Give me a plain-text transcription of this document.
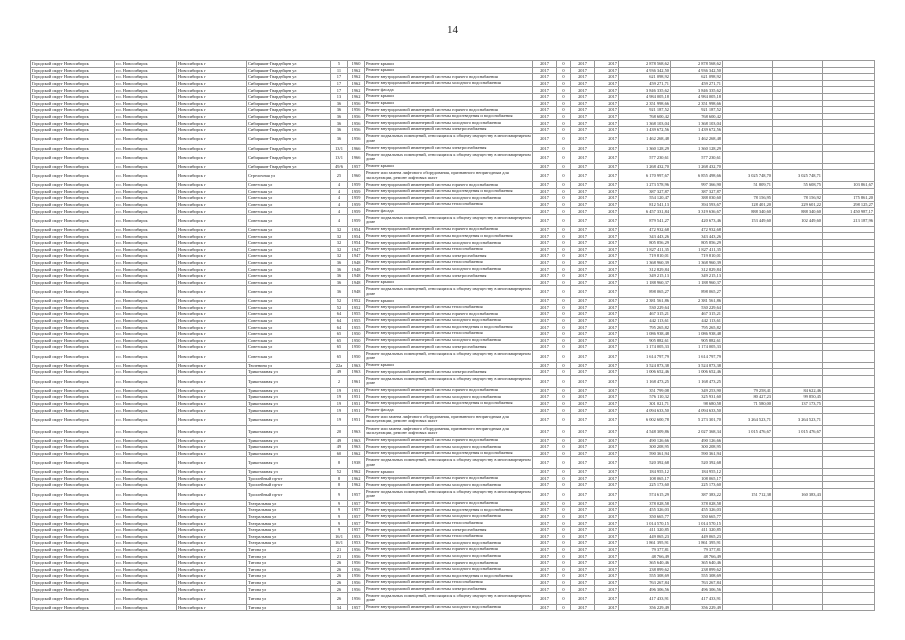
14
Городской округ Новосибирск	г.о. Новосибирск	Новосибирск г	Сибиряков-Гвардейцев ул	5	1960	Ремонт крыши	2017	0	2017	2017	2 878 568,62	2 878 568,62			
Городской округ Новосибирск	г.о. Новосибирск	Новосибирск г	Сибиряков-Гвардейцев ул	11	1962	Ремонт крыши	2017	0	2017	2017	4 936 342,50	4 936 342,50			
Городской округ Новосибирск	г.о. Новосибирск	Новосибирск г	Сибиряков-Гвардейцев ул	17	1962	Ремонт внутридомовой инженерной системы горячего водоснабжения	2017	0	2017	2017	621 098,92	621 098,92			
Городской округ Новосибирск	г.о. Новосибирск	Новосибирск г	Сибиряков-Гвардейцев ул	17	1962	Ремонт внутридомовой инженерной системы холодного водоснабжения	2017	0	2017	2017	459 271,71	459 271,71			
Городской округ Новосибирск	г.о. Новосибирск	Новосибирск г	Сибиряков-Гвардейцев ул	17	1962	Ремонт фасада	2017	0	2017	2017	3 846 335,62	3 846 335,62			
Городской округ Новосибирск	г.о. Новосибирск	Новосибирск г	Сибиряков-Гвардейцев ул	13	1962	Ремонт крыши	2017	0	2017	2017	4 984 005,18	4 984 005,18			
Городской округ Новосибирск	г.о. Новосибирск	Новосибирск г	Сибиряков-Гвардейцев ул	36	1956	Ремонт крыши	2017	0	2017	2017	2 351 998,66	2 351 998,66			
Городской округ Новосибирск	г.о. Новосибирск	Новосибирск г	Сибиряков-Гвардейцев ул	36	1956	Ремонт внутридомовой инженерной системы горячего водоснабжения	2017	0	2017	2017	921 187,52	921 187,52			
Городской округ Новосибирск	г.о. Новосибирск	Новосибирск г	Сибиряков-Гвардейцев ул	36	1956	Ремонт внутридомовой инженерной системы водоотведения и водоснабжения	2017	0	2017	2017	768 600,42	768 600,42			
Городской округ Новосибирск	г.о. Новосибирск	Новосибирск г	Сибиряков-Гвардейцев ул	36	1956	Ремонт внутридомовой инженерной системы холодного водоснабжения	2017	0	2017	2017	1 368 103,04	1 368 103,04			
Городской округ Новосибирск	г.о. Новосибирск	Новосибирск г	Сибиряков-Гвардейцев ул	36	1956	Ремонт внутридомовой инженерной системы электроснабжения	2017	0	2017	2017	1 439 672,56	1 439 672,56			
Городской округ Новосибирск	г.о. Новосибирск	Новосибирск г	Сибиряков-Гвардейцев ул	36	1956	Ремонт подвальных помещений, относящихся к общему имуществу в многоквартирном доме	2017	0	2017	2017	1 462 268,48	1 462 268,48			
Городской округ Новосибирск	г.о. Новосибирск	Новосибирск г	Сибиряков-Гвардейцев ул	13/1	1966	Ремонт внутридомовой инженерной системы электроснабжения	2017	0	2017	2017	1 360 128,29	1 360 128,29			
Городской округ Новосибирск	г.о. Новосибирск	Новосибирск г	Сибиряков-Гвардейцев ул	13/1	1966	Ремонт подвальных помещений, относящихся к общему имуществу в многоквартирном доме	2017	0	2017	2017	577 230,61	577 230,61			
Городской округ Новосибирск	г.о. Новосибирск	Новосибирск г	Сибиряков-Гвардейцев ул	49/6	1957	Ремонт крыши	2017	0	2017	2017	1 268 432,70	1 268 432,70			
Городской округ Новосибирск	г.о. Новосибирск	Новосибирск г	Стрелочная ул	25	1960	Ремонт или замена лифтового оборудования, признанного непригодным для эксплуатации, ремонт лифтовых шахт	2017	0	2017	2017	6 170 997,67	6 855 498,66	3 025 748,70	3 025 748,71	
Городской округ Новосибирск	г.о. Новосибирск	Новосибирск г	Советская ул	4	1959	Ремонт внутридомовой инженерной системы горячего водоснабжения	2017	0	2017	2017	1 273 578,96	997 366,90	51 809,71	55 608,75	103 861,67
Городской округ Новосибирск	г.о. Новосибирск	Новосибирск г	Советская ул	4	1959	Ремонт внутридомовой инженерной системы водоотведения и водоснабжения	2017	0	2017	2017	387 327,87	387 327,87			
Городской округ Новосибирск	г.о. Новосибирск	Новосибирск г	Советская ул	4	1959	Ремонт внутридомовой инженерной системы холодного водоснабжения	2017	0	2017	2017	554 120,47	388 030,60	78 156,95	78 156,92	175 861,20
Городской округ Новосибирск	г.о. Новосибирск	Новосибирск г	Советская ул	4	1959	Ремонт внутридомовой инженерной системы теплоснабжения	2017	0	2017	2017	812 541,13	394 593,67	128 401,20	229 601,22	298 125,27
Городской округ Новосибирск	г.о. Новосибирск	Новосибирск г	Советская ул	4	1959	Ремонт фасада	2017	0	2017	2017	6 457 331,84	3 319 636,67	888 340,60	888 340,60	1 450 987,17
Городской округ Новосибирск	г.о. Новосибирск	Новосибирск г	Советская ул	4	1959	Ремонт подвальных помещений, относящихся к общему имуществу в многоквартирном доме	2017	0	2017	2017	879 541,27	420 673,46	153 449,60	102 449,60	213 187,96
Городской округ Новосибирск	г.о. Новосибирск	Новосибирск г	Советская ул	32	1954	Ремонт внутридомовой инженерной системы горячего водоснабжения	2017	0	2017	2017	472 932,68	472 932,68			
Городской округ Новосибирск	г.о. Новосибирск	Новосибирск г	Советская ул	32	1954	Ремонт внутридомовой инженерной системы водоотведения и водоснабжения	2017	0	2017	2017	343 443,26	343 443,26			
Городской округ Новосибирск	г.о. Новосибирск	Новосибирск г	Советская ул	32	1954	Ремонт внутридомовой инженерной системы холодного водоснабжения	2017	0	2017	2017	805 856,29	805 856,29			
Городской округ Новосибирск	г.о. Новосибирск	Новосибирск г	Советская ул	32	1947	Ремонт внутридомовой инженерной системы теплоснабжения	2017	0	2017	2017	1 827 411,35	1 827 411,35			
Городской округ Новосибирск	г.о. Новосибирск	Новосибирск г	Советская ул	32	1947	Ремонт внутридомовой инженерной системы электроснабжения	2017	0	2017	2017	719 810,01	719 810,01			
Городской округ Новосибирск	г.о. Новосибирск	Новосибирск г	Советская ул	36	1948	Ремонт внутридомовой инженерной системы теплоснабжения	2017	0	2017	2017	1 368 960,39	1 368 960,39			
Городской округ Новосибирск	г.о. Новосибирск	Новосибирск г	Советская ул	36	1948	Ремонт внутридомовой инженерной системы холодного водоснабжения	2017	0	2017	2017	312 829,84	312 829,84			
Городской округ Новосибирск	г.о. Новосибирск	Новосибирск г	Советская ул	36	1948	Ремонт внутридомовой инженерной системы электроснабжения	2017	0	2017	2017	349 215,13	349 215,13			
Городской округ Новосибирск	г.о. Новосибирск	Новосибирск г	Советская ул	36	1948	Ремонт крыши	2017	0	2017	2017	1 188 960,37	1 188 960,37			
Городской округ Новосибирск	г.о. Новосибирск	Новосибирск г	Советская ул	36	1948	Ремонт подвальных помещений, относящихся к общему имуществу в многоквартирном доме	2017	0	2017	2017	898 065,27	898 065,27			
Городской округ Новосибирск	г.о. Новосибирск	Новосибирск г	Советская ул	52	1952	Ремонт крыши	2017	0	2017	2017	2 381 561,86	2 381 561,86			
Городской округ Новосибирск	г.о. Новосибирск	Новосибирск г	Советская ул	52	1952	Ремонт внутридомовой инженерной системы теплоснабжения	2017	0	2017	2017	530 229,64	530 229,64			
Городской округ Новосибирск	г.о. Новосибирск	Новосибирск г	Советская ул	64	1955	Ремонт внутридомовой инженерной системы горячего водоснабжения	2017	0	2017	2017	467 315,21	467 315,21			
Городской округ Новосибирск	г.о. Новосибирск	Новосибирск г	Советская ул	64	1955	Ремонт внутридомовой инженерной системы холодного водоснабжения	2017	0	2017	2017	442 113,61	442 113,61			
Городской округ Новосибирск	г.о. Новосибирск	Новосибирск г	Советская ул	64	1955	Ремонт внутридомовой инженерной системы водоотведения и водоснабжения	2017	0	2017	2017	795 265,82	795 265,82			
Городской округ Новосибирск	г.о. Новосибирск	Новосибирск г	Советская ул	65	1950	Ремонт внутридомовой инженерной системы теплоснабжения	2017	0	2017	2017	1 086 938,48	1 086 938,48			
Городской округ Новосибирск	г.о. Новосибирск	Новосибирск г	Советская ул	65	1950	Ремонт внутридомовой инженерной системы холодного водоснабжения	2017	0	2017	2017	905 882,61	905 882,61			
Городской округ Новосибирск	г.о. Новосибирск	Новосибирск г	Советская ул	65	1950	Ремонт внутридомовой инженерной системы электроснабжения	2017	0	2017	2017	1 174 005,33	1 174 005,33			
Городской округ Новосибирск	г.о. Новосибирск	Новосибирск г	Советская ул	65	1950	Ремонт подвальных помещений, относящихся к общему имуществу в многоквартирном доме	2017	0	2017	2017	1 614 797,79	1 614 797,79			
Городской округ Новосибирск	г.о. Новосибирск	Новосибирск г	Тюленина ул	22а	1963	Ремонт крыши	2017	0	2017	2017	3 524 873,38	3 524 873,38			
Городской округ Новосибирск	г.о. Новосибирск	Новосибирск г	Трикотажная ул	49	1963	Ремонт внутридомовой инженерной системы электроснабжения	2017	0	2017	2017	1 006 652,46	1 006 652,46			
Городской округ Новосибирск	г.о. Новосибирск	Новосибирск г	Трикотажная ул	2	1961	Ремонт подвальных помещений, относящихся к общему имуществу в многоквартирном доме	2017	0	2017	2017	1 168 473,25	1 168 473,25			
Городской округ Новосибирск	г.о. Новосибирск	Новосибирск г	Трикотажная ул	19	1951	Ремонт внутридомовой инженерной системы горячего водоснабжения	2017	0	2017	2017	351 799,08	349 253,90	79 258,41	84 622,46	
Городской округ Новосибирск	г.о. Новосибирск	Новосибирск г	Трикотажная ул	19	1951	Ремонт внутридомовой инженерной системы холодного водоснабжения	2017	0	2017	2017	576 110,32	325 931,60	80 427,23	99 850,45	
Городской округ Новосибирск	г.о. Новосибирск	Новосибирск г	Трикотажная ул	19	1951	Ремонт внутридомовой инженерной системы водоотведения и водоснабжения	2017	0	2017	2017	301 021,71	98 680,58	71 580,00	137 173,75	
Городской округ Новосибирск	г.о. Новосибирск	Новосибирск г	Трикотажная ул	19	1951	Ремонт фасада	2017	0	2017	2017	4 094 633,50	4 094 633,50			
Городской округ Новосибирск	г.о. Новосибирск	Новосибирск г	Трикотажная ул	19	1951	Ремонт или замена лифтового оборудования, признанного непригодным для эксплуатации, ремонт лифтовых шахт	2017	0	2017	2017	6 002 600,78	5 273 301,70	3 264 523,71	3 264 523,71	
Городской округ Новосибирск	г.о. Новосибирск	Новосибирск г	Трикотажная ул	20	1963	Ремонт или замена лифтового оборудования, признанного непригодным для эксплуатации, ремонт лифтовых шахт	2017	0	2017	2017	4 548 309,86	2 027 368,34	1 015 476,67	1 015 476,67	
Городской округ Новосибирск	г.о. Новосибирск	Новосибирск г	Трикотажная ул	49	1963	Ремонт внутридомовой инженерной системы горячего водоснабжения	2017	0	2017	2017	490 126,66	490 126,66			
Городской округ Новосибирск	г.о. Новосибирск	Новосибирск г	Трикотажная ул	49	1963	Ремонт внутридомовой инженерной системы холодного водоснабжения	2017	0	2017	2017	300 208,95	300 208,95			
Городской округ Новосибирск	г.о. Новосибирск	Новосибирск г	Трикотажная ул	60	1962	Ремонт внутридомовой инженерной системы водоотведения и водоснабжения	2017	0	2017	2017	590 361,94	590 361,94			
Городской округ Новосибирск	г.о. Новосибирск	Новосибирск г	Трикотажная ул	8	1938	Ремонт подвальных помещений, относящихся к общему имуществу в многоквартирном доме	2017	0	2017	2017	520 392,68	520 392,68			
Городской округ Новосибирск	г.о. Новосибирск	Новосибирск г	Трикотажная ул	52	1962	Ремонт крыши	2017	0	2017	2017	184 955,12	184 955,12			
Городской округ Новосибирск	г.о. Новосибирск	Новосибирск г	Троллейный пр-кт	8	1962	Ремонт внутридомовой инженерной системы горячего водоснабжения	2017	0	2017	2017	108 065,17	108 065,17			
Городской округ Новосибирск	г.о. Новосибирск	Новосибирск г	Троллейный пр-кт	8	1962	Ремонт внутридомовой инженерной системы холодного водоснабжения	2017	0	2017	2017	225 173,60	225 173,60			
Городской округ Новосибирск	г.о. Новосибирск	Новосибирск г	Троллейный пр-кт	9	1957	Ремонт подвальных помещений, относящихся к общему имуществу в многоквартирном доме	2017	0	2017	2017	574 615,29	387 383,22	151 712,38	160 383,43	
Городской округ Новосибирск	г.о. Новосибирск	Новосибирск г	Театральная ул	9	1957	Ремонт внутридомовой инженерной системы горячего водоснабжения	2017	0	2017	2017	378 028,58	378 028,58			
Городской округ Новосибирск	г.о. Новосибирск	Новосибирск г	Театральная ул	9	1957	Ремонт внутридомовой инженерной системы водоотведения и водоснабжения	2017	0	2017	2017	455 326,03	455 326,03			
Городской округ Новосибирск	г.о. Новосибирск	Новосибирск г	Театральная ул	9	1957	Ремонт внутридомовой инженерной системы холодного водоснабжения	2017	0	2017	2017	350 665,77	350 665,77			
Городской округ Новосибирск	г.о. Новосибирск	Новосибирск г	Театральная ул	9	1957	Ремонт внутридомовой инженерной системы теплоснабжения	2017	0	2017	2017	1 014 570,15	1 014 570,15			
Городской округ Новосибирск	г.о. Новосибирск	Новосибирск г	Театральная ул	9	1957	Ремонт внутридомовой инженерной системы электроснабжения	2017	0	2017	2017	411 320,85	411 320,85			
Городской округ Новосибирск	г.о. Новосибирск	Новосибирск г	Театральная ул	16/1	1953	Ремонт внутридомовой инженерной системы теплоснабжения	2017	0	2017	2017	449 065,23	449 065,23			
Городской округ Новосибирск	г.о. Новосибирск	Новосибирск г	Театральная ул	16/1	1953	Ремонт внутридомовой инженерной системы холодного водоснабжения	2017	0	2017	2017	1 861 395,91	1 861 395,91			
Городской округ Новосибирск	г.о. Новосибирск	Новосибирск г	Титова ул	21	1956	Ремонт внутридомовой инженерной системы горячего водоснабжения	2017	0	2017	2017	79 377,81	79 377,81			
Городской округ Новосибирск	г.о. Новосибирск	Новосибирск г	Титова ул	21	1956	Ремонт внутридомовой инженерной системы холодного водоснабжения	2017	0	2017	2017	48 766,49	48 766,49			
Городской округ Новосибирск	г.о. Новосибирск	Новосибирск г	Титова ул	26	1956	Ремонт внутридомовой инженерной системы горячего водоснабжения	2017	0	2017	2017	365 640,46	365 640,46			
Городской округ Новосибирск	г.о. Новосибирск	Новосибирск г	Титова ул	26	1956	Ремонт внутридомовой инженерной системы холодного водоснабжения	2017	0	2017	2017	238 899,62	238 899,62			
Городской округ Новосибирск	г.о. Новосибирск	Новосибирск г	Титова ул	26	1956	Ремонт внутридомовой инженерной системы водоотведения и водоснабжения	2017	0	2017	2017	555 308,69	555 308,69			
Городской округ Новосибирск	г.о. Новосибирск	Новосибирск г	Титова ул	26	1956	Ремонт внутридомовой инженерной системы теплоснабжения	2017	0	2017	2017	763 267,84	763 267,84			
Городской округ Новосибирск	г.о. Новосибирск	Новосибирск г	Титова ул	26	1956	Ремонт внутридомовой инженерной системы электроснабжения	2017	0	2017	2017	496 306,56	496 306,56			
Городской округ Новосибирск	г.о. Новосибирск	Новосибирск г	Титова ул	26	1956	Ремонт подвальных помещений, относящихся к общему имуществу в многоквартирном доме	2017	0	2017	2017	417 433,91	417 433,91			
Городской округ Новосибирск	г.о. Новосибирск	Новосибирск г	Титова ул	34	1957	Ремонт внутридомовой инженерной системы холодного водоснабжения	2017	0	2017	2017	356 229,49	356 229,49			
